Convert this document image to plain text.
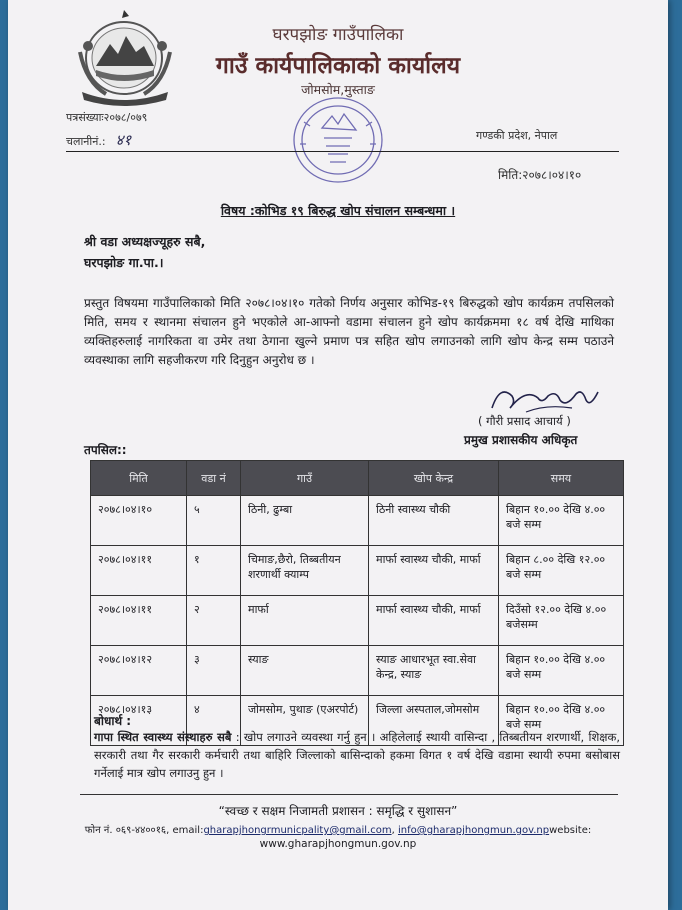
घरपझोङ गाउँपालिका
गाउँ कार्यपालिकाको कार्यालय
जोमसोम,मुस्ताङ
पत्रसंख्याः२०७८/०७९
चलानीनं.: ४१	गण्डकी प्रदेश, नेपाल
मिति:२०७८।०४।१०
विषय :कोभिड १९ बिरुद्ध खोप संचालन सम्बन्धमा ।
श्री वडा अध्यक्षज्यूहरु सबै,
घरपझोङ गा.पा.।
प्रस्तुत विषयमा गाउँपालिकाको मिति २०७८।०४।१० गतेको निर्णय अनुसार कोभिड-१९ बिरुद्धको खोप कार्यक्रम तपसिलको मिति, समय र स्थानमा संचालन हुने भएकोले आ-आफ्नो वडामा संचालन हुने खोप कार्यक्रममा १८ वर्ष देखि माथिका व्यक्तिहरुलाई नागरिकता वा उमेर तथा ठेगाना खुल्ने प्रमाण पत्र सहित खोप लगाउनको लागि खोप केन्द्र सम्म पठाउने व्यवस्थाका लागि सहजीकरण गरि दिनुहुन अनुरोध छ ।
( गौरी प्रसाद आचार्य )
प्रमुख प्रशासकीय अधिकृत
तपसिल::
मिति	वडा नं	गाउँ	खोप केन्द्र	समय
२०७८।०४।१०	५	ठिनी, ढुम्बा	ठिनी स्वास्थ्य चौकी	बिहान १०.०० देखि ४.०० बजे सम्म
२०७८।०४।११	१	चिमाङ,छैरो, तिब्बतीयन शरणार्थी क्याम्प	मार्फा स्वास्थ्य चौकी, मार्फा	बिहान ८.०० देखि १२.०० बजे सम्म
२०७८।०४।११	२	मार्फा	मार्फा स्वास्थ्य चौकी, मार्फा	दिउँसो १२.०० देखि ४.०० बजेसम्म
२०७८।०४।१२	३	स्याङ	स्याङ आधारभूत स्वा.सेवा केन्द्र, स्याङ	बिहान १०.०० देखि ४.०० बजे सम्म
२०७८।०४।१३	४	जोमसोम, पुथाङ (एअरपोर्ट)	जिल्ला अस्पताल,जोमसोम	बिहान १०.०० देखि ४.०० बजे सम्म
बोधार्थ :
गापा स्थित स्वास्थ्य संस्थाहरु सबै : खोप लगाउने व्यवस्था गर्नु हुन । अहिलेलाई स्थायी वासिन्दा , तिब्बतीयन शरणार्थी, शिक्षक, सरकारी तथा गैर सरकारी कर्मचारी तथा बाहिरि जिल्लाको बासिन्दाको हकमा विगत १ वर्ष देखि वडामा स्थायी रुपमा बसोबास गर्नेलाई मात्र खोप लगाउनु हुन ।
“स्वच्छ र सक्षम निजामती प्रशासन : समृद्धि र सुशासन”
फोन नं. ०६९-४४००१६, email:gharapjhongrmunicpality@gmail.com, info@gharapjhongmun.gov.npwebsite:
www.gharapjhongmun.gov.np
